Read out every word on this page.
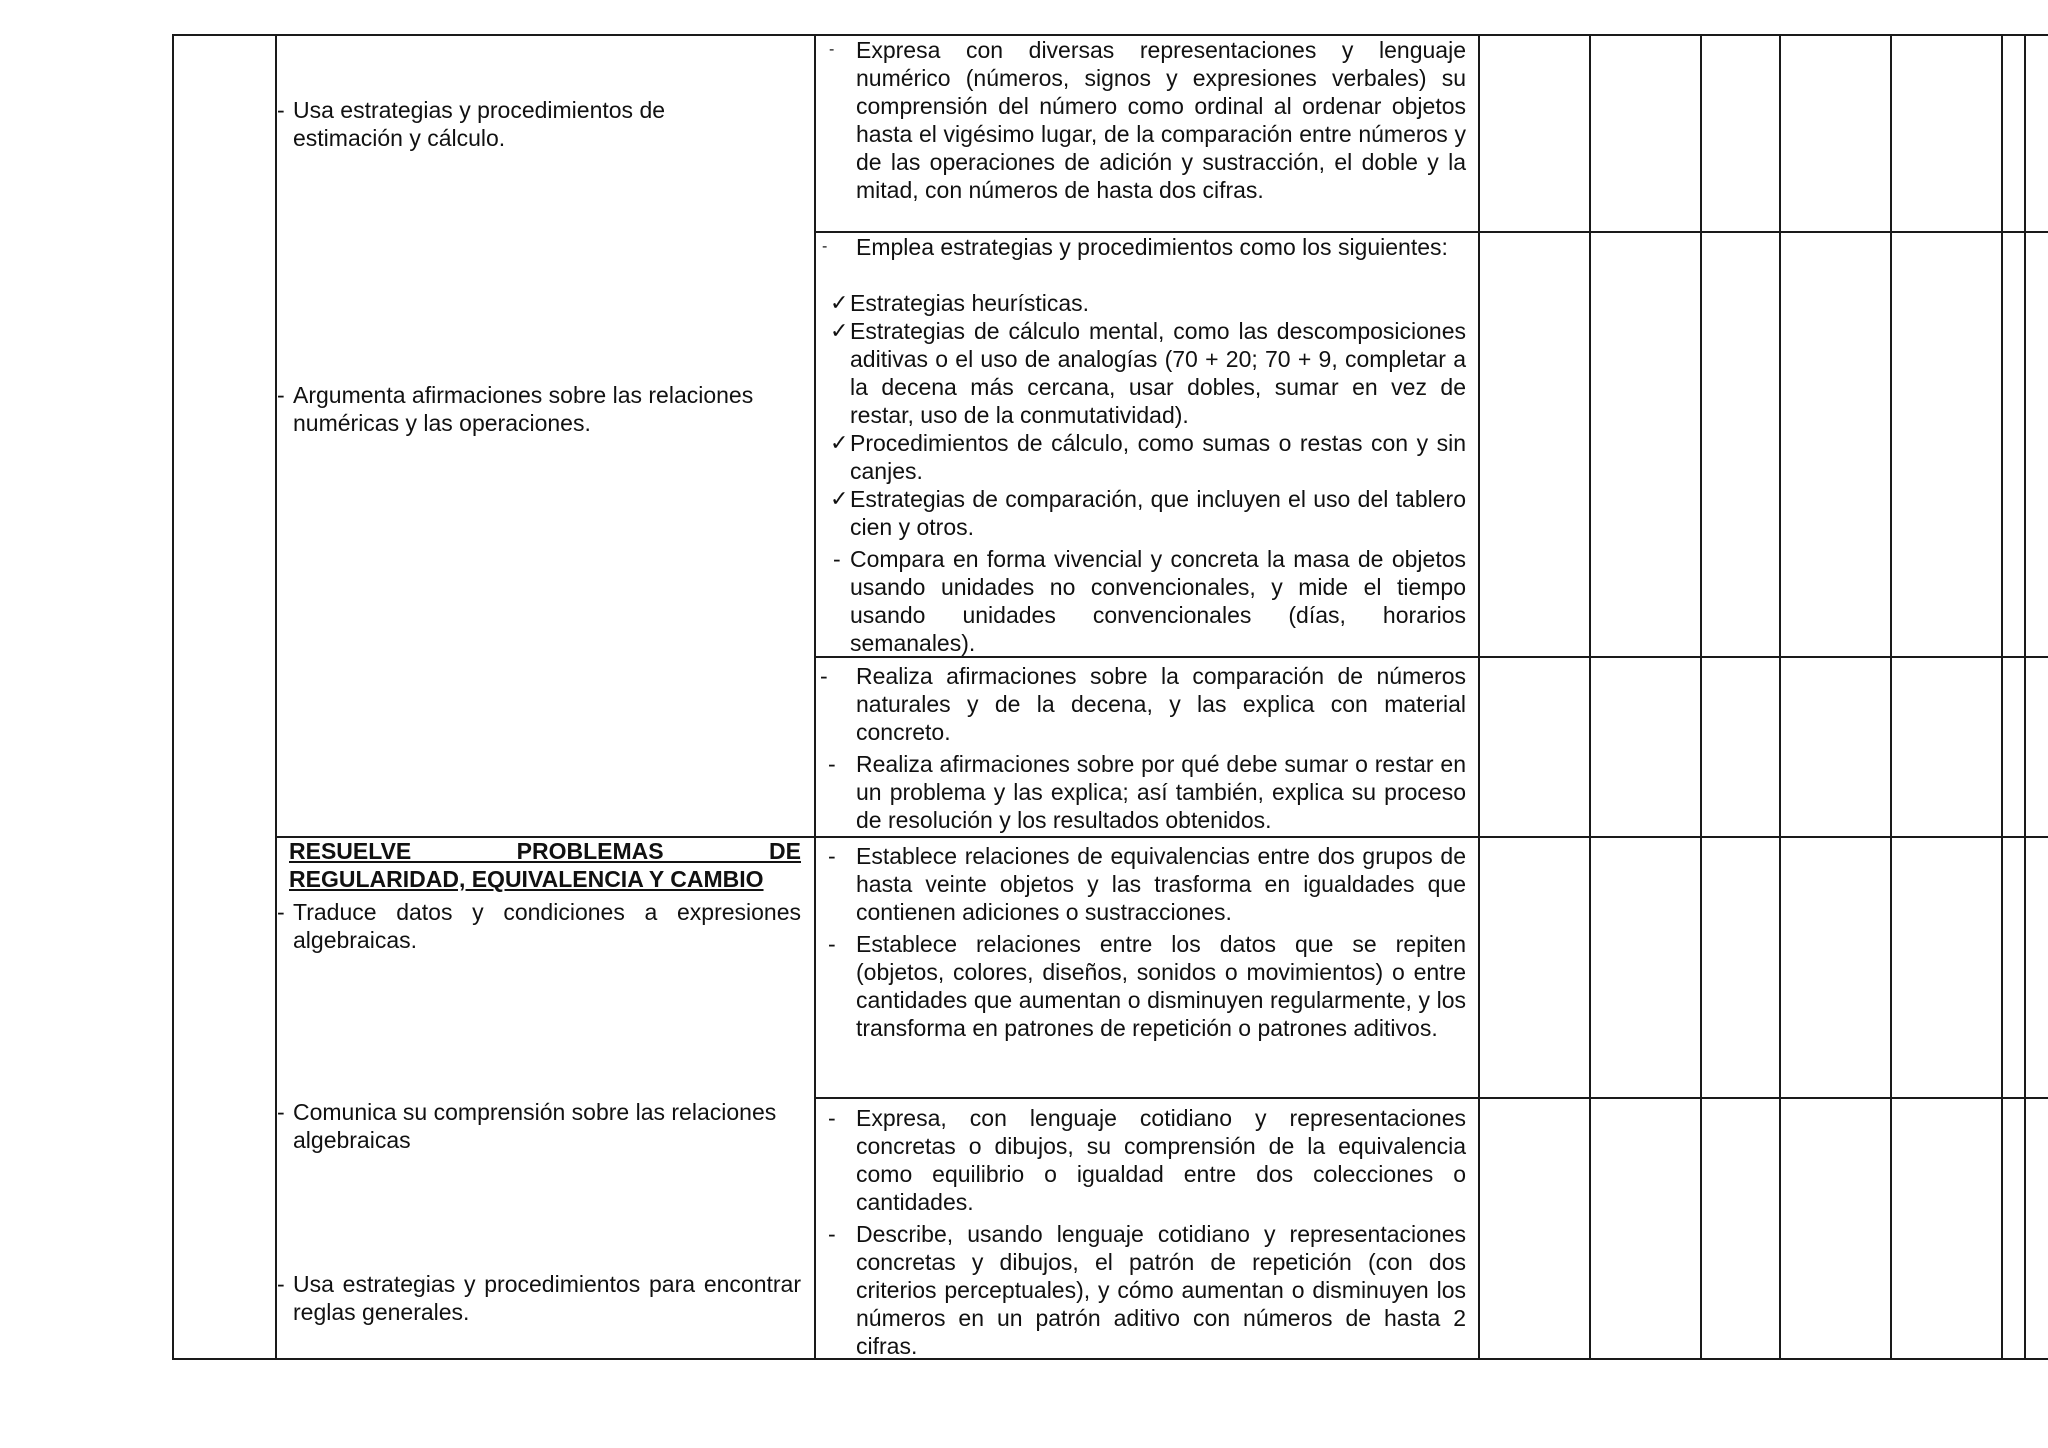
- Usa estrategias y procedimientos de estimación y cálculo.
- Argumenta afirmaciones sobre las relaciones numéricas y las operaciones.
RESUELVE PROBLEMAS DE
REGULARIDAD, EQUIVALENCIA Y CAMBIO
- Traduce datos y condiciones a expresiones algebraicas.
- Comunica su comprensión sobre las relaciones algebraicas
- Usa estrategias y procedimientos para encontrar reglas generales.
- Expresa con diversas representaciones y lenguaje numérico (números, signos y expresiones verbales) su comprensión del número como ordinal al ordenar objetos hasta el vigésimo lugar, de la comparación entre números y de las operaciones de adición y sustracción, el doble y la mitad, con números de hasta dos cifras.
- Emplea estrategias y procedimientos como los siguientes:
✓ Estrategias heurísticas.
✓ Estrategias de cálculo mental, como las descomposiciones aditivas o el uso de analogías (70 + 20; 70 + 9, completar a la decena más cercana, usar dobles, sumar en vez de restar, uso de la conmutatividad).
✓ Procedimientos de cálculo, como sumas o restas con y sin canjes.
✓ Estrategias de comparación, que incluyen el uso del tablero cien y otros.
- Compara en forma vivencial y concreta la masa de objetos usando unidades no convencionales, y mide el tiempo usando unidades convencionales (días, horarios semanales).
- Realiza afirmaciones sobre la comparación de números naturales y de la decena, y las explica con material concreto.
- Realiza afirmaciones sobre por qué debe sumar o restar en un problema y las explica; así también, explica su proceso de resolución y los resultados obtenidos.
- Establece relaciones de equivalencias entre dos grupos de hasta veinte objetos y las trasforma en igualdades que contienen adiciones o sustracciones.
- Establece relaciones entre los datos que se repiten (objetos, colores, diseños, sonidos o movimientos) o entre cantidades que aumentan o disminuyen regularmente, y los transforma en patrones de repetición o patrones aditivos.
- Expresa, con lenguaje cotidiano y representaciones concretas o dibujos, su comprensión de la equivalencia como equilibrio o igualdad entre dos colecciones o cantidades.
- Describe, usando lenguaje cotidiano y representaciones concretas y dibujos, el patrón de repetición (con dos criterios perceptuales), y cómo aumentan o disminuyen los números en un patrón aditivo con números de hasta 2 cifras.
